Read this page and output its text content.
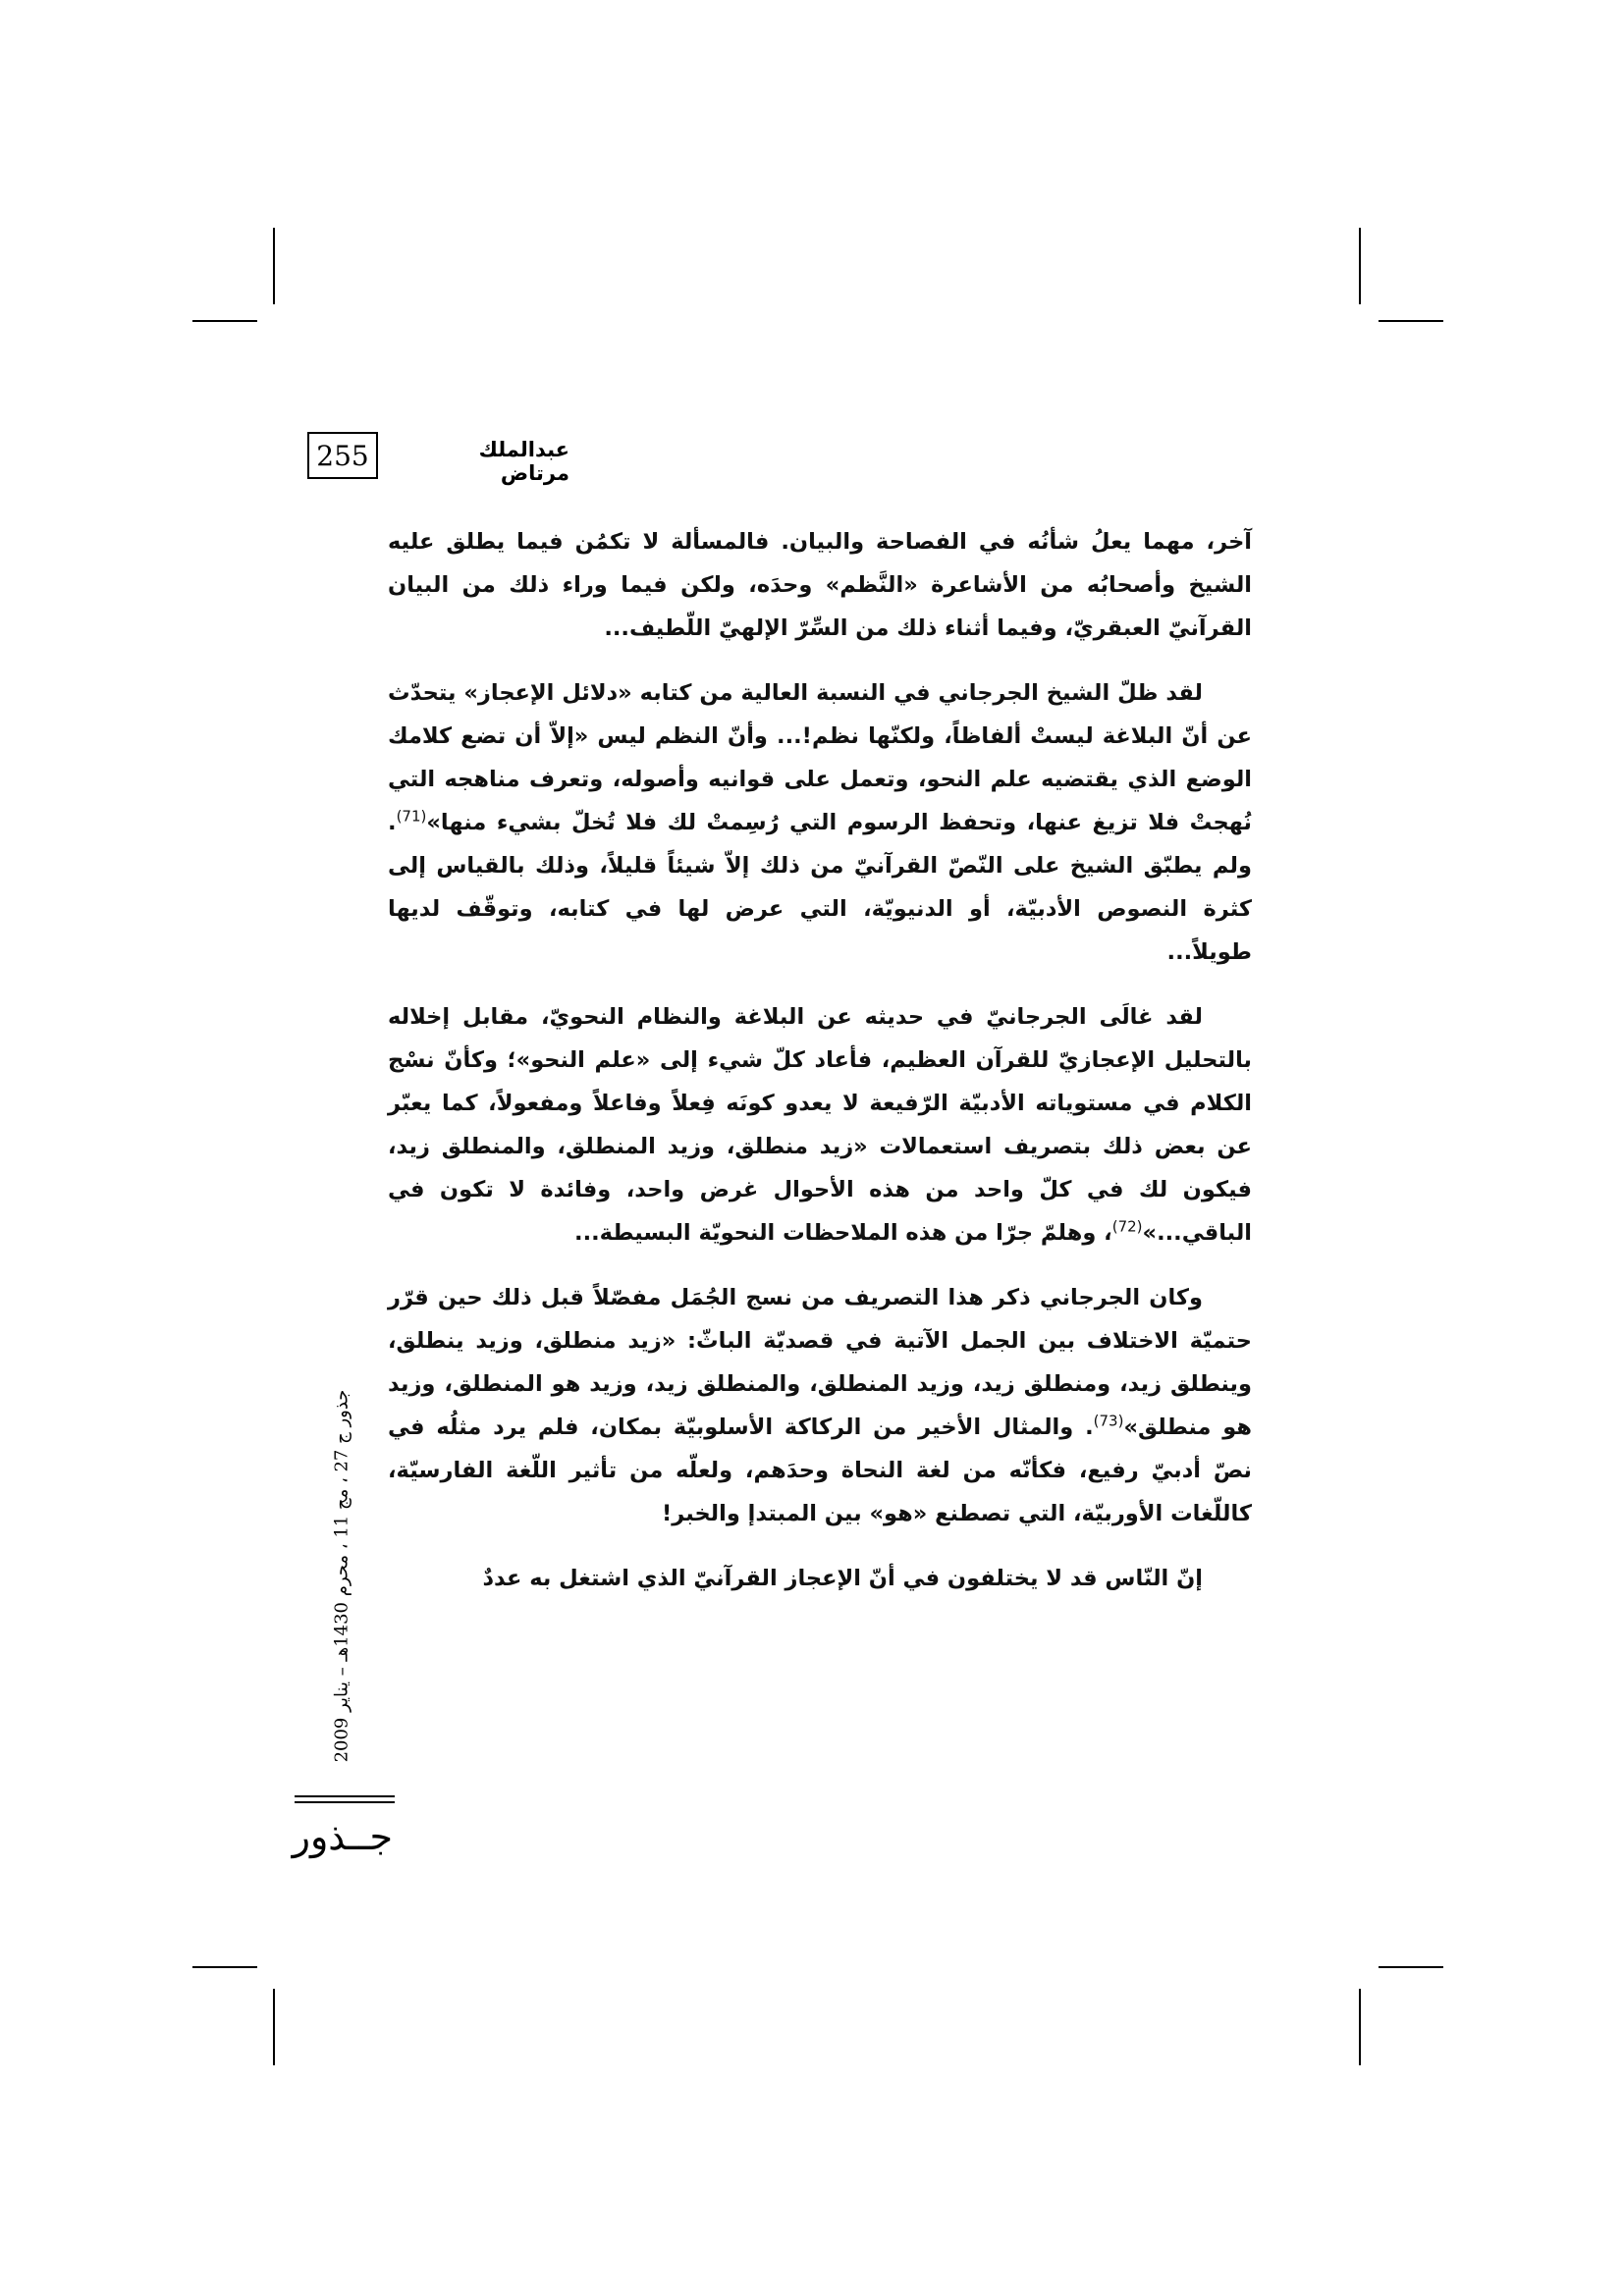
255	عبدالملك مرتاض

آخر، مهما يعلُ شأنُه في الفصاحة والبيان. فالمسألة لا تكمُن فيما يطلق عليه الشيخ وأصحابُه من الأشاعرة «النَّظم» وحدَه، ولكن فيما وراء ذلك من البيان القرآنيّ العبقريّ، وفيما أثناء ذلك من السِّرّ الإلهيّ اللّطيف...

لقد ظلّ الشيخ الجرجاني في النسبة العالية من كتابه «دلائل الإعجاز» يتحدّث عن أنّ البلاغة ليستْ ألفاظاً، ولكنّها نظم!... وأنّ النظم ليس «إلاّ أن تضع كلامك الوضع الذي يقتضيه علم النحو، وتعمل على قوانيه وأصوله، وتعرف مناهجه التي نُهجتْ فلا تزيغ عنها، وتحفظ الرسوم التي رُسِمتْ لك فلا تُخلّ بشيء منها»$^{(71)}$. ولم يطبّق الشيخ على النّصّ القرآنيّ من ذلك إلاّ شيئاً قليلاً، وذلك بالقياس إلى كثرة النصوص الأدبيّة، أو الدنيويّة، التي عرض لها في كتابه، وتوقّف لديها طويلاً...

لقد غالَى الجرجانيّ في حديثه عن البلاغة والنظام النحويّ، مقابل إخلاله بالتحليل الإعجازيّ للقرآن العظيم، فأعاد كلّ شيء إلى «علم النحو»؛ وكأنّ نسْج الكلام في مستوياته الأدبيّة الرّفيعة لا يعدو كونَه فِعلاً وفاعلاً ومفعولاً، كما يعبّر عن بعض ذلك بتصريف استعمالات «زيد منطلق، وزيد المنطلق، والمنطلق زيد، فيكون لك في كلّ واحد من هذه الأحوال غرض واحد، وفائدة لا تكون في الباقي...»$^{(72)}$، وهلمّ جرّا من هذه الملاحظات النحويّة البسيطة...

وكان الجرجاني ذكر هذا التصريف من نسج الجُمَل مفصّلاً قبل ذلك حين قرّر حتميّة الاختلاف بين الجمل الآتية في قصديّة الباثّ: «زيد منطلق، وزيد ينطلق، وينطلق زيد، ومنطلق زيد، وزيد المنطلق، والمنطلق زيد، وزيد هو المنطلق، وزيد هو منطلق»$^{(73)}$. والمثال الأخير من الركاكة الأسلوبيّة بمكان، فلم يرد مثلُه في نصّ أدبيّ رفيع، فكأنّه من لغة النحاة وحدَهم، ولعلّه من تأثير اللّغة الفارسيّة، كاللّغات الأوربيّة، التي تصطنع «هو» بين المبتدإ والخبر!

إنّ النّاس قد لا يختلفون في أنّ الإعجاز القرآنيّ الذي اشتغل به عددٌ

جذور ج 27 ، مج 11 ، محرم 1430هـ – يناير 2009
جــذور
